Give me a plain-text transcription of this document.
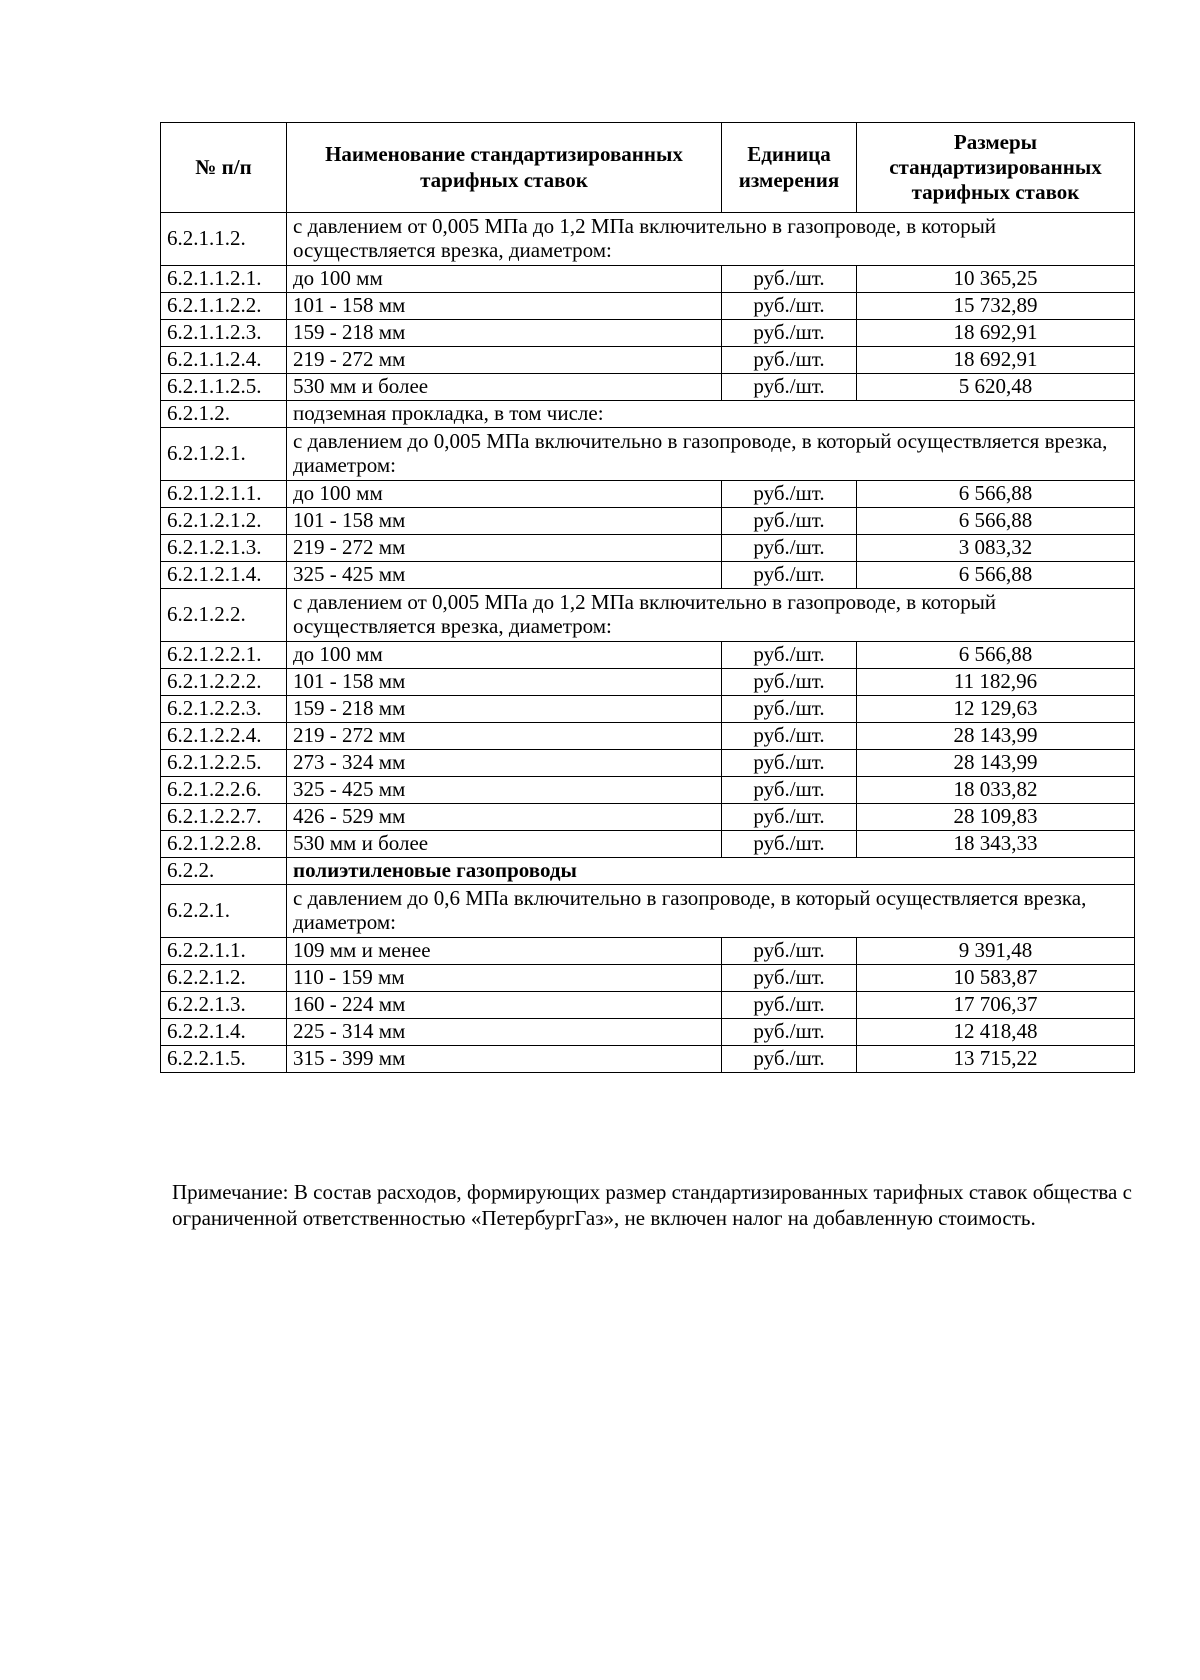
№ п/п	Наименование стандартизированных тарифных ставок	Единица измерения	Размеры стандартизированных тарифных ставок
6.2.1.1.2.	с давлением от 0,005 МПа до 1,2 МПа включительно в газопроводе, в который осуществляется врезка, диаметром:		
6.2.1.1.2.1.	до 100 мм	руб./шт.	10 365,25
6.2.1.1.2.2.	101 - 158 мм	руб./шт.	15 732,89
6.2.1.1.2.3.	159 - 218 мм	руб./шт.	18 692,91
6.2.1.1.2.4.	219 - 272 мм	руб./шт.	18 692,91
6.2.1.1.2.5.	530 мм и более	руб./шт.	5 620,48
6.2.1.2.	подземная прокладка, в том числе:		
6.2.1.2.1.	с давлением до 0,005 МПа включительно в газопроводе, в который осуществляется врезка, диаметром:		
6.2.1.2.1.1.	до 100 мм	руб./шт.	6 566,88
6.2.1.2.1.2.	101 - 158 мм	руб./шт.	6 566,88
6.2.1.2.1.3.	219 - 272 мм	руб./шт.	3 083,32
6.2.1.2.1.4.	325 - 425 мм	руб./шт.	6 566,88
6.2.1.2.2.	с давлением от 0,005 МПа до 1,2 МПа включительно в газопроводе, в который осуществляется врезка, диаметром:		
6.2.1.2.2.1.	до 100 мм	руб./шт.	6 566,88
6.2.1.2.2.2.	101 - 158 мм	руб./шт.	11 182,96
6.2.1.2.2.3.	159 - 218 мм	руб./шт.	12 129,63
6.2.1.2.2.4.	219 - 272 мм	руб./шт.	28 143,99
6.2.1.2.2.5.	273 - 324 мм	руб./шт.	28 143,99
6.2.1.2.2.6.	325 - 425 мм	руб./шт.	18 033,82
6.2.1.2.2.7.	426 - 529 мм	руб./шт.	28 109,83
6.2.1.2.2.8.	530 мм и более	руб./шт.	18 343,33
6.2.2.	полиэтиленовые газопроводы		
6.2.2.1.	с давлением до 0,6 МПа включительно в газопроводе, в который осуществляется врезка, диаметром:		
6.2.2.1.1.	109 мм и менее	руб./шт.	9 391,48
6.2.2.1.2.	110 - 159 мм	руб./шт.	10 583,87
6.2.2.1.3.	160 - 224 мм	руб./шт.	17 706,37
6.2.2.1.4.	225 - 314 мм	руб./шт.	12 418,48
6.2.2.1.5.	315 - 399 мм	руб./шт.	13 715,22

Примечание: В состав расходов, формирующих размер стандартизированных тарифных ставок общества с ограниченной ответственностью «ПетербургГаз», не включен налог на добавленную стоимость.
